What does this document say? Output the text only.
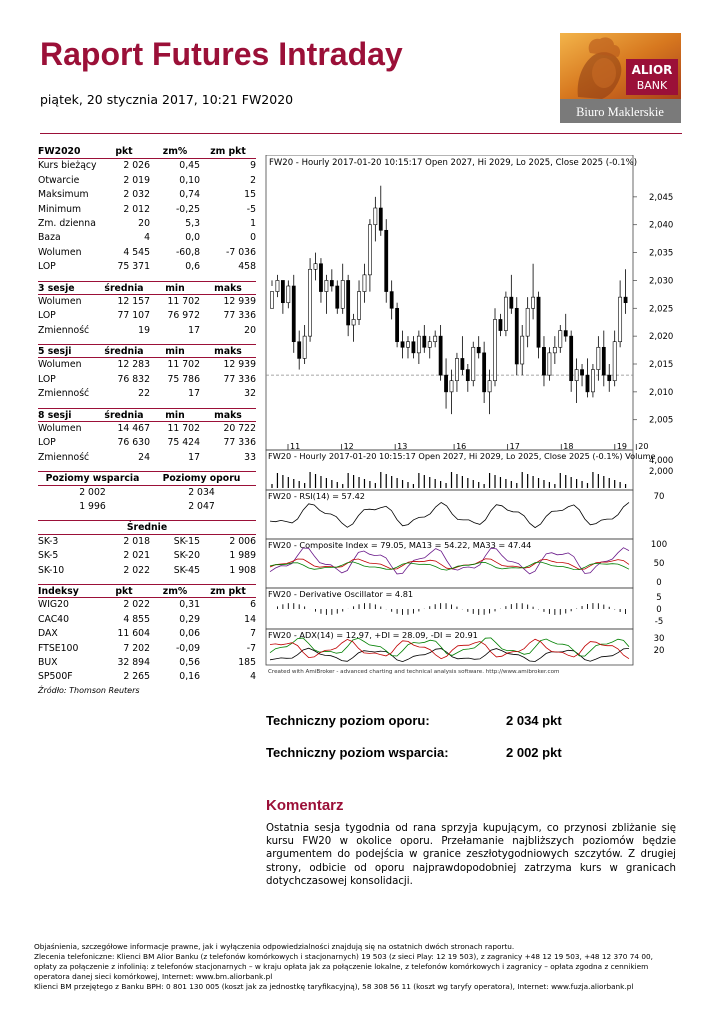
Raport Futures Intraday
piątek, 20 stycznia 2017, 10:21 FW2020
ALIOR
BANK
Biuro Maklerskie
FW2020	pkt	zm%	zm pkt
Kurs bieżący	2 026	0,45	9
Otwarcie	2 019	0,10	2
Maksimum	2 032	0,74	15
Minimum	2 012	-0,25	-5
Zm. dzienna	20	5,3	1
Baza	4	0,0	0
Wolumen	4 545	-60,8	-7 036
LOP	75 371	0,6	458
3 sesje	średnia	min	maks
Wolumen	12 157	11 702	12 939
LOP	77 107	76 972	77 336
Zmienność	19	17	20
5 sesji	średnia	min	maks
Wolumen	12 283	11 702	12 939
LOP	76 832	75 786	77 336
Zmienność	22	17	32
8 sesji	średnia	min	maks
Wolumen	14 467	11 702	20 722
LOP	76 630	75 424	77 336
Zmienność	24	17	33
Poziomy wsparcia	Poziomy oporu
2 002	2 034
1 996	2 047
Średnie
SK-3	2 018	SK-15	2 006
SK-5	2 021	SK-20	1 989
SK-10	2 022	SK-45	1 908
Indeksy	pkt	zm%	zm pkt
WIG20	2 022	0,31	6
CAC40	4 855	0,29	14
DAX	11 604	0,06	7
FTSE100	7 202	-0,09	-7
BUX	32 894	0,56	185
SP500F	2 265	0,16	4
Źródło: Thomson Reuters
FW20 - Hourly 2017-01-20 10:15:17 Open 2027, Hi 2029, Lo 2025, Close 2025 (-0.1%)
2,045
2,040
2,035
2,030
2,025
2,020
2,015
2,010
2,005
11	12	13	16	17	18	19 20
FW20 - Hourly 2017-01-20 10:15:17 Open 2027, Hi 2029, Lo 2025, Close 2025 (-0.1%) Volume
4,000
2,000
FW20 - RSI(14) = 57.42	70
FW20 - Composite Index = 79.05, MA13 = 54.22, MA33 = 47.44	100
50
0
FW20 - Derivative Oscillator = 4.81	5
0
-5
FW20 - ADX(14) = 12.97, +DI = 28.09, -DI = 20.91	30
20
Created with AmiBroker - advanced charting and technical analysis software. http://www.amibroker.com
Techniczny poziom oporu:	2 034 pkt
Techniczny poziom wsparcia:	2 002 pkt
Komentarz
Ostatnia sesja tygodnia od rana sprzyja kupującym, co przynosi zbliżanie się kursu FW20 w okolice oporu. Przełamanie najbliższych poziomów będzie argumentem do podejścia w granice zeszłotygodniowych szczytów. Z drugiej strony, odbicie od oporu najprawdopodobniej zatrzyma kurs w granicach dotychczasowej konsolidacji.
Objaśnienia, szczegółowe informacje prawne, jak i wyłączenia odpowiedzialności znajdują się na ostatnich dwóch stronach raportu.
Zlecenia telefoniczne: Klienci BM Alior Banku (z telefonów komórkowych i stacjonarnych) 19 503 (z sieci Play: 12 19 503), z zagranicy +48 12 19 503, +48 12 370 74 00,
opłaty za połączenie z infolinią: z telefonów stacjonarnych – w kraju opłata jak za połączenie lokalne, z telefonów komórkowych i zagranicy – opłata zgodna z cennikiem
operatora danej sieci komórkowej, Internet: www.bm.aliorbank.pl
Klienci BM przejętego z Banku BPH: 0 801 130 005 (koszt jak za jednostkę taryfikacyjną), 58 308 56 11 (koszt wg taryfy operatora), Internet: www.fuzja.aliorbank.pl
